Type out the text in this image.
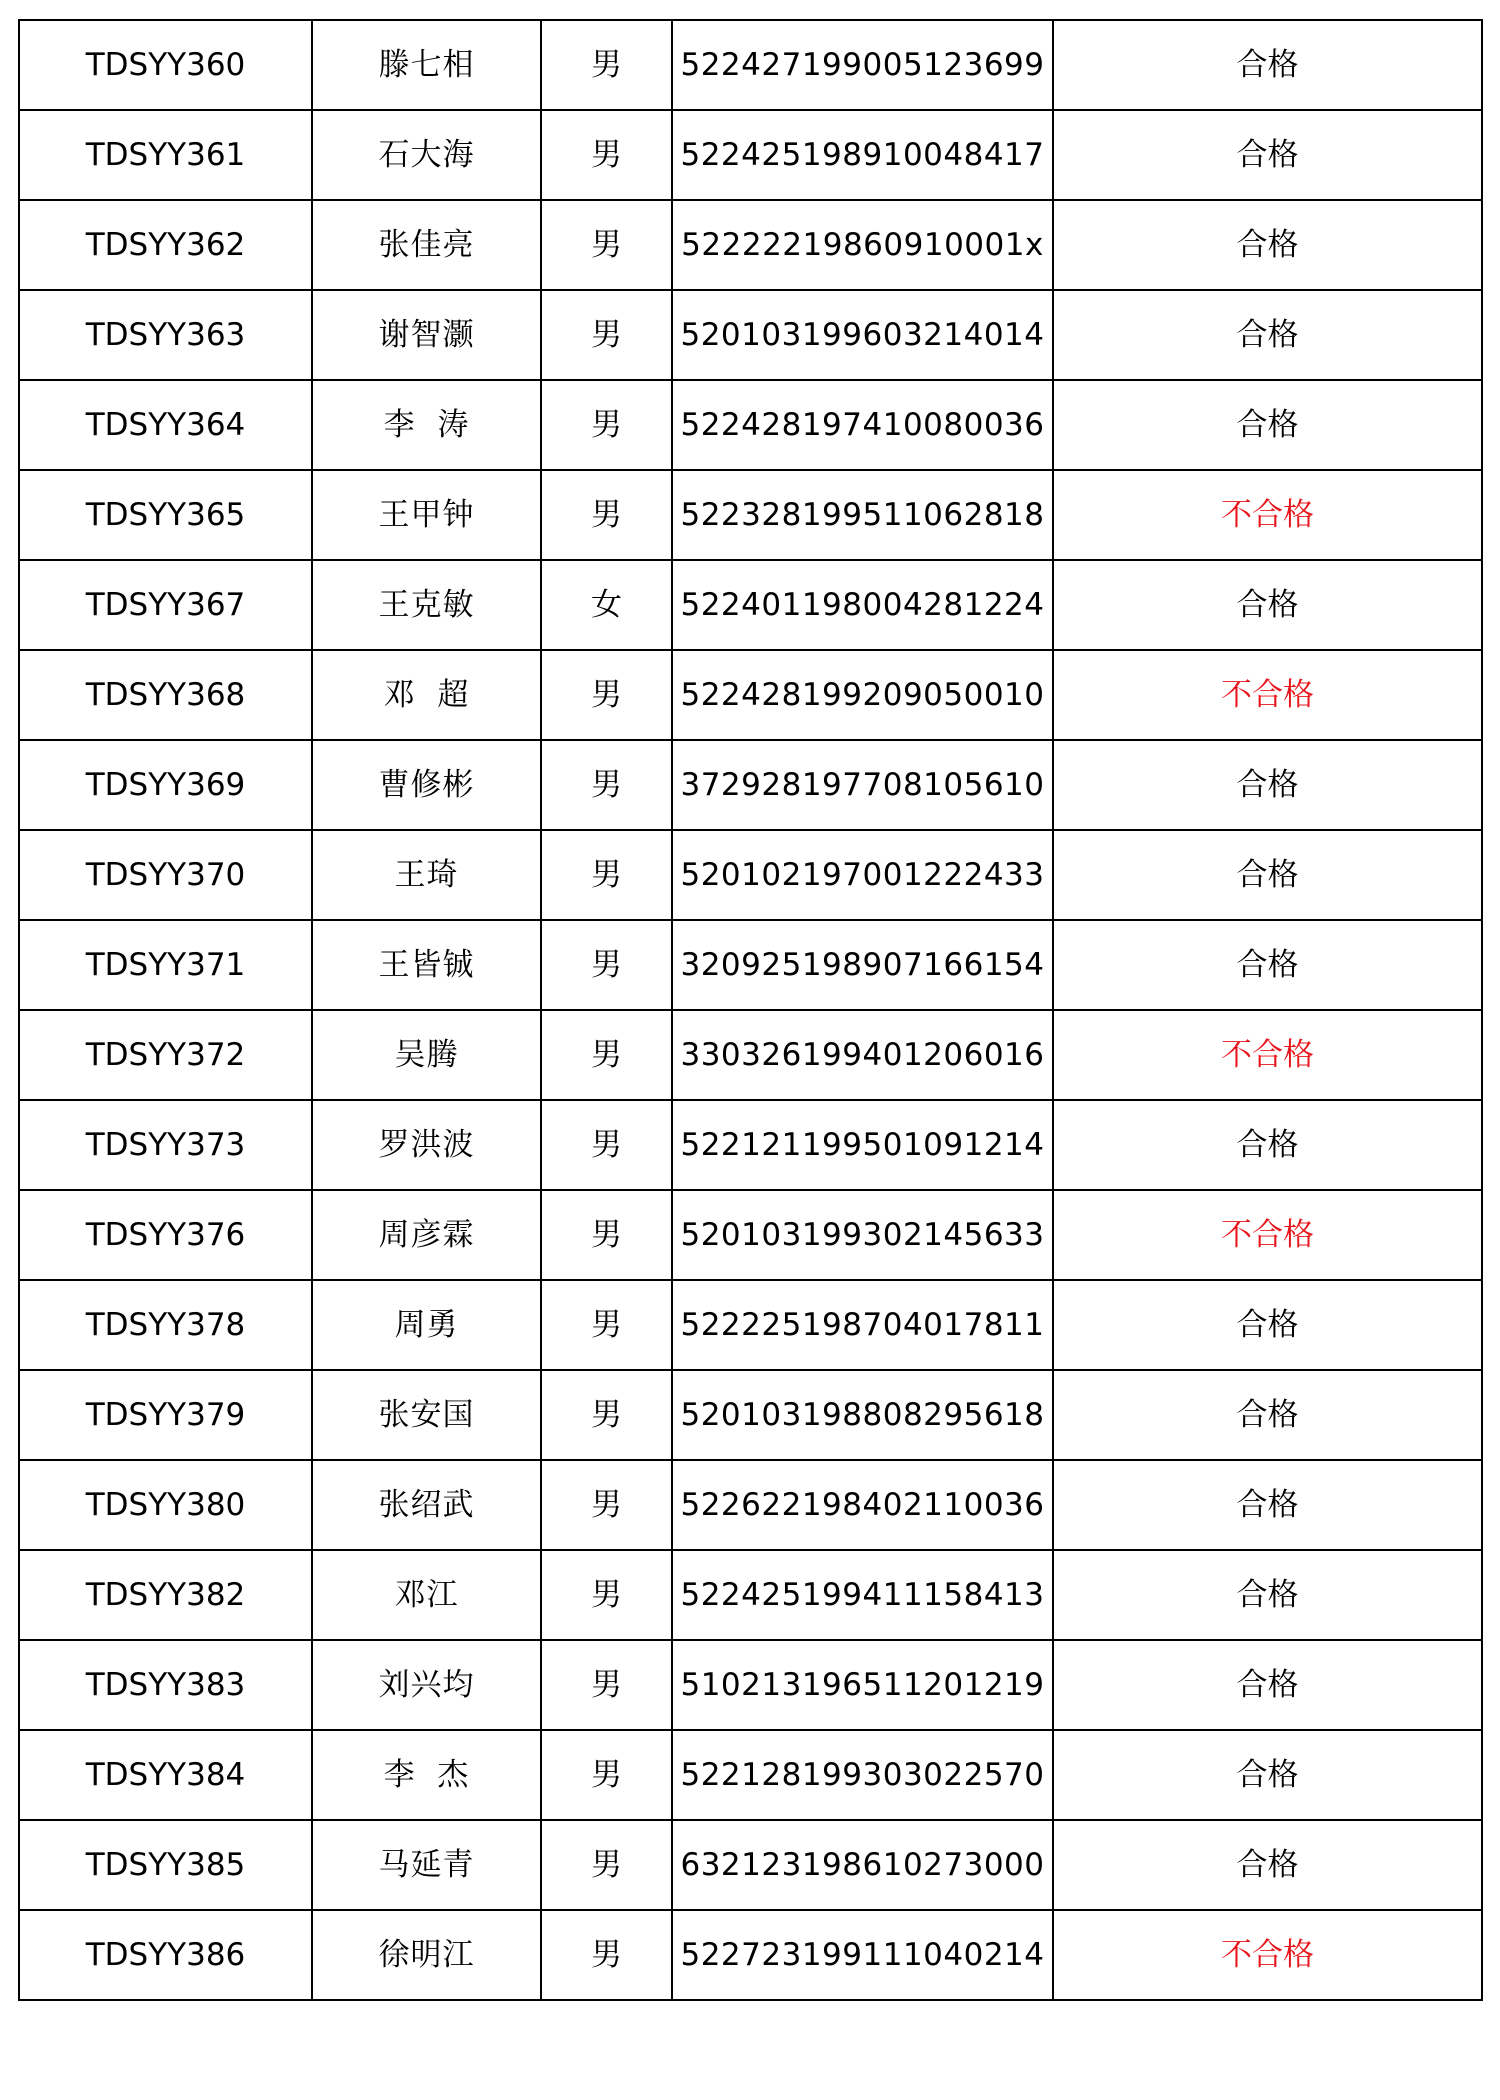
TDSYY360	滕七相	男	522427199005123699	合格
TDSYY361	石大海	男	522425198910048417	合格
TDSYY362	张佳亮	男	52222219860910001x	合格
TDSYY363	谢智灏	男	520103199603214014	合格
TDSYY364	李  涛	男	522428197410080036	合格
TDSYY365	王甲钟	男	522328199511062818	不合格
TDSYY367	王克敏	女	522401198004281224	合格
TDSYY368	邓  超	男	522428199209050010	不合格
TDSYY369	曹修彬	男	372928197708105610	合格
TDSYY370	王琦	男	520102197001222433	合格
TDSYY371	王皆铖	男	320925198907166154	合格
TDSYY372	吴腾	男	330326199401206016	不合格
TDSYY373	罗洪波	男	522121199501091214	合格
TDSYY376	周彦霖	男	520103199302145633	不合格
TDSYY378	周勇	男	522225198704017811	合格
TDSYY379	张安国	男	520103198808295618	合格
TDSYY380	张绍武	男	522622198402110036	合格
TDSYY382	邓江	男	522425199411158413	合格
TDSYY383	刘兴均	男	510213196511201219	合格
TDSYY384	李  杰	男	522128199303022570	合格
TDSYY385	马延青	男	632123198610273000	合格
TDSYY386	徐明江	男	522723199111040214	不合格
